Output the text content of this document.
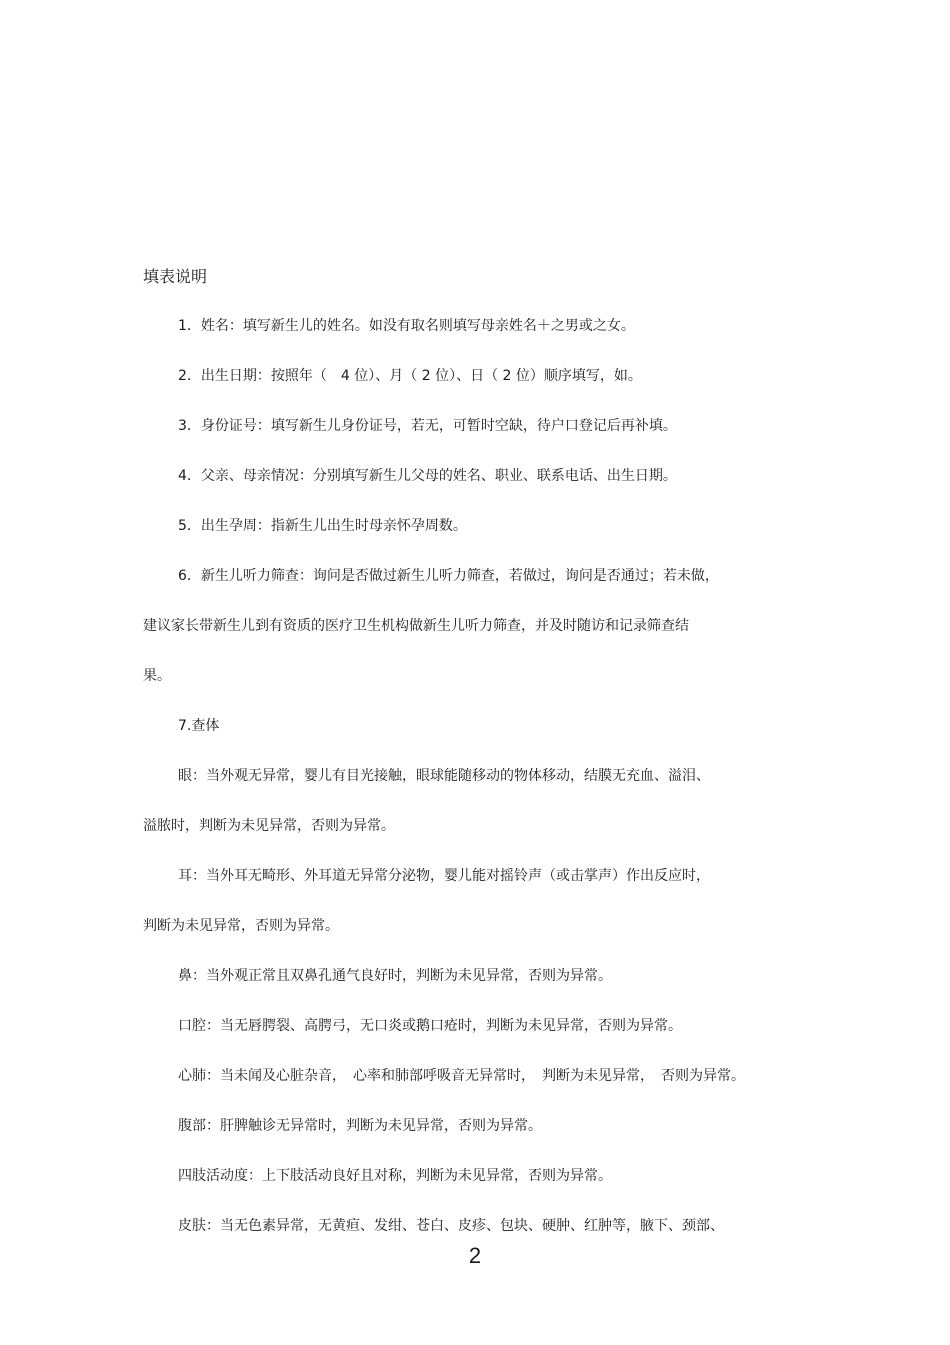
填表说明
1．姓名：填写新生儿的姓名。如没有取名则填写母亲姓名＋之男或之女。
2．出生日期：按照年（　4 位）、月（ 2 位）、日（ 2 位）顺序填写，如。
3．身份证号：填写新生儿身份证号，若无，可暂时空缺，待户口登记后再补填。
4．父亲、母亲情况：分别填写新生儿父母的姓名、职业、联系电话、出生日期。
5．出生孕周：指新生儿出生时母亲怀孕周数。
6．新生儿听力筛查：询问是否做过新生儿听力筛查，若做过，询问是否通过；若未做，
建议家长带新生儿到有资质的医疗卫生机构做新生儿听力筛查，并及时随访和记录筛查结
果。
7.查体
眼：当外观无异常，婴儿有目光接触，眼球能随移动的物体移动，结膜无充血、溢泪、
溢脓时，判断为未见异常，否则为异常。
耳：当外耳无畸形、外耳道无异常分泌物，婴儿能对摇铃声（或击掌声）作出反应时，
判断为未见异常，否则为异常。
鼻：当外观正常且双鼻孔通气良好时，判断为未见异常，否则为异常。
口腔：当无唇腭裂、高腭弓，无口炎或鹅口疮时，判断为未见异常，否则为异常。
心肺：当未闻及心脏杂音，　心率和肺部呼吸音无异常时，　判断为未见异常，　否则为异常。
腹部：肝脾触诊无异常时，判断为未见异常，否则为异常。
四肢活动度：上下肢活动良好且对称，判断为未见异常，否则为异常。
皮肤：当无色素异常，无黄疸、发绀、苍白、皮疹、包块、硬肿、红肿等，腋下、颈部、
2
